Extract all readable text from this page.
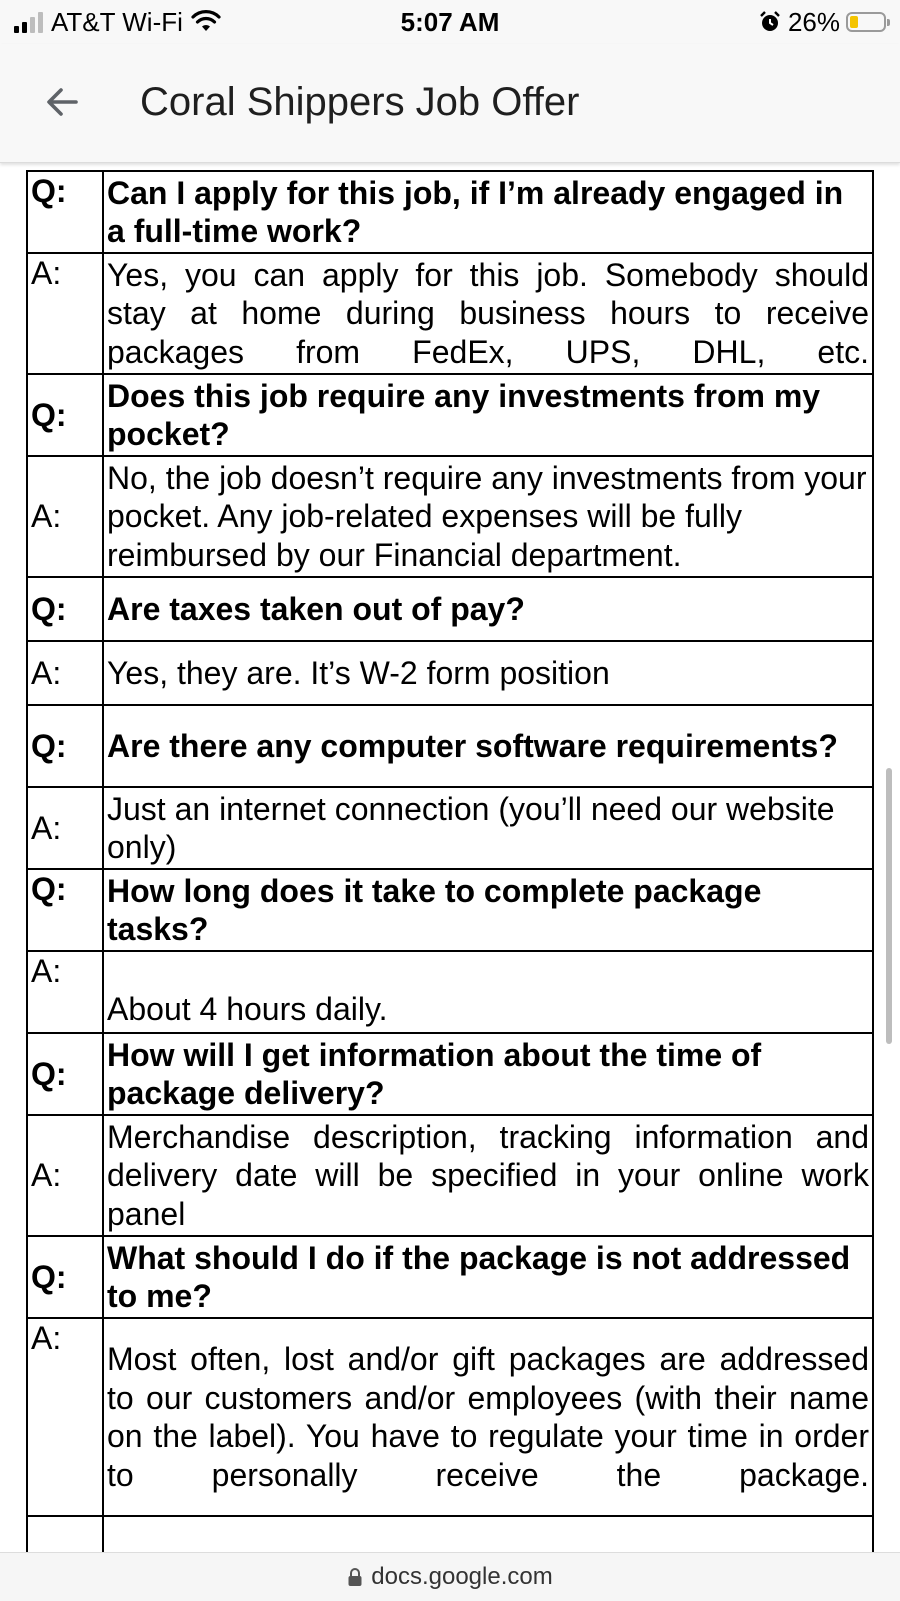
AT&T Wi-Fi	5:07 AM	26%
Coral Shippers Job Offer
Q:	Can I apply for this job, if I’m already engaged in a full-time work?
A:	Yes, you can apply for this job. Somebody should stay at home during business hours to receive packages from FedEx, UPS, DHL, etc.
Q:	Does this job require any investments from my pocket?
A:	No, the job doesn’t require any investments from your pocket. Any job-related expenses will be fully reimbursed by our Financial department.
Q:	Are taxes taken out of pay?
A:	Yes, they are. It’s W-2 form position
Q:	Are there any computer software requirements?
A:	Just an internet connection (you’ll need our website only)
Q:	How long does it take to complete package tasks?
A:	About 4 hours daily.
Q:	How will I get information about the time of package delivery?
A:	Merchandise description, tracking information and delivery date will be specified in your online work panel
Q:	What should I do if the package is not addressed to me?
A:	Most often, lost and/or gift packages are addressed to our customers and/or employees (with their name on the label). You have to regulate your time in order to personally receive the package.

docs.google.com
